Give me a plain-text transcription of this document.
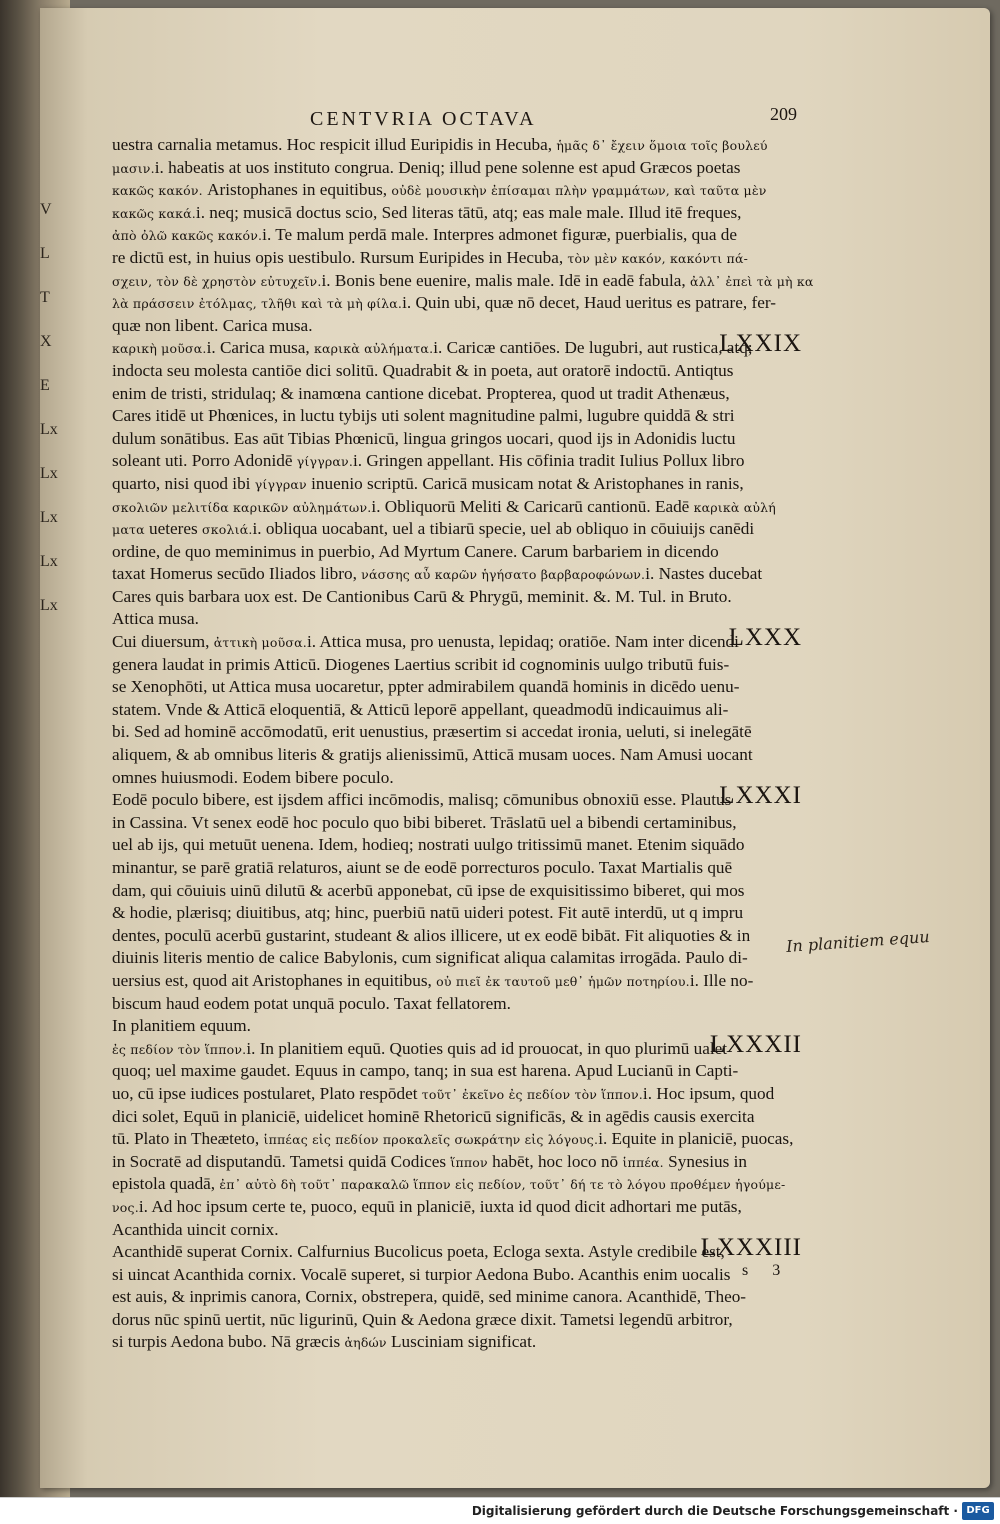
V
L
T
X
E
Lx
Lx
Lx
Lx
Lx
CENTVRIA OCTAVA	209
uestra carnalia metamus. Hoc respicit illud Euripidis in Hecuba, ἡμᾶς δ᾽ ἔχειν ὅμοια τοῖς βουλεύ
μασιν.i. habeatis at uos instituto congrua. Deniq; illud pene solenne est apud Græcos poetas
κακῶς κακόν. Aristophanes in equitibus, οὐδὲ μουσικὴν ἐπίσαμαι πλὴν γραμμάτων, καὶ ταῦτα μὲν
κακῶς κακά.i. neq; musicā doctus scio, Sed literas tātū, atq; eas male male. Illud itē freques,
ἀπὸ ὀλῶ κακῶς κακόν.i. Te malum perdā male. Interpres admonet figuræ, puerbialis, qua de
re dictū est, in huius opis uestibulo. Rursum Euripides in Hecuba, τὸν μὲν κακόν, κακόντι πά-
σχειν, τὸν δὲ χρηστὸν εὐτυχεῖν.i. Bonis bene euenire, malis male. Idē in eadē fabula, ἀλλ᾽ ἐπεὶ τὰ μὴ κα
λὰ πράσσειν ἐτόλμας, τλῆθι καὶ τὰ μὴ φίλα.i. Quin ubi, quæ nō decet, Haud ueritus es patrare, fer-
quæ non libent. Carica musa.
LXXIX
καρικὴ μοῦσα.i. Carica musa, καρικὰ αὐλήματα.i. Caricæ cantiōes. De lugubri, aut rustica, atq;
indocta seu molesta cantiōe dici solitū. Quadrabit & in poeta, aut oratorē indoctū. Antiqtus
enim de tristi, stridulaq; & inamœna cantione dicebat. Propterea, quod ut tradit Athenæus,
Cares itidē ut Phœnices, in luctu tybijs uti solent magnitudine palmi, lugubre quiddā & stri
dulum sonātibus. Eas aūt Tibias Phœnicū, lingua gringos uocari, quod ijs in Adonidis luctu
soleant uti. Porro Adonidē γίγγραν.i. Gringen appellant. His cōfinia tradit Iulius Pollux libro
quarto, nisi quod ibi γίγγραν inuenio scriptū. Caricā musicam notat & Aristophanes in ranis,
σκολιῶν μελιτίδα καρικῶν αὐλημάτων.i. Obliquorū Meliti & Caricarū cantionū. Eadē καρικὰ αὐλή
ματα ueteres σκολιά.i. obliqua uocabant, uel a tibiarū specie, uel ab obliquo in cōuiuijs canēdi
ordine, de quo meminimus in puerbio, Ad Myrtum Canere. Carum barbariem in dicendo
taxat Homerus secūdo Iliados libro, νάσσης αὖ καρῶν ἡγήσατο βαρβαροφώνων.i. Nastes ducebat
Cares quis barbara uox est. De Cantionibus Carū & Phrygū, meminit. &. M. Tul. in Bruto.
Attica musa.
LXXX
Cui diuersum, ἀττικὴ μοῦσα.i. Attica musa, pro uenusta, lepidaq; oratiōe. Nam inter dicendi
genera laudat in primis Atticū. Diogenes Laertius scribit id cognominis uulgo tributū fuis-
se Xenophōti, ut Attica musa uocaretur, ppter admirabilem quandā hominis in dicēdo uenu-
statem. Vnde & Atticā eloquentiā, & Atticū leporē appellant, queadmodū indicauimus ali-
bi. Sed ad hominē accōmodatū, erit uenustius, præsertim si accedat ironia, ueluti, si inelegātē
aliquem, & ab omnibus literis & gratijs alienissimū, Atticā musam uoces. Nam Amusi uocant
omnes huiusmodi. Eodem bibere poculo.
LXXXI
Eodē poculo bibere, est ijsdem affici incōmodis, malisq; cōmunibus obnoxiū esse. Plautus
in Cassina. Vt senex eodē hoc poculo quo bibi biberet. Trāslatū uel a bibendi certaminibus,
uel ab ijs, qui metuūt uenena. Idem, hodieq; nostrati uulgo tritissimū manet. Etenim siquādo
minantur, se parē gratiā relaturos, aiunt se de eodē porrecturos poculo. Taxat Martialis quē
dam, qui cōuiuis uinū dilutū & acerbū apponebat, cū ipse de exquisitissimo biberet, qui mos
& hodie, plærisq; diuitibus, atq; hinc, puerbiū natū uideri potest. Fit autē interdū, ut q impru
dentes, poculū acerbū gustarint, studeant & alios illicere, ut ex eodē bibāt. Fit aliquoties & in
diuinis literis mentio de calice Babylonis, cum significat aliqua calamitas irrogāda. Paulo di-
uersius est, quod ait Aristophanes in equitibus, οὐ πιεῖ ἐκ ταυτοῦ μεθ᾽ ἡμῶν ποτηρίου.i. Ille no-
biscum haud eodem potat unquā poculo. Taxat fellatorem.
In planitiem equum.
LXXXII
ἐς πεδίον τὸν ἵππον.i. In planitiem equū. Quoties quis ad id prouocat, in quo plurimū ualet
quoq; uel maxime gaudet. Equus in campo, tanq; in sua est harena. Apud Lucianū in Capti-
uo, cū ipse iudices postularet, Plato respōdet τοῦτ᾽ ἐκεῖνο ἐς πεδίον τὸν ἵππον.i. Hoc ipsum, quod
dici solet, Equū in planiciē, uidelicet hominē Rhetoricū significās, & in agēdis causis exercita
tū. Plato in Theæteto, ἱππέας εἰς πεδίον προκαλεῖς σωκράτην εἰς λόγους.i. Equite in planiciē, puocas,
in Socratē ad disputandū. Tametsi quidā Codices ἵππον habēt, hoc loco nō ἱππέα. Synesius in
epistola quadā, ἐπ᾽ αὐτὸ δὴ τοῦτ᾽ παρακαλῶ ἵππον εἰς πεδίον, τοῦτ᾽ δή τε τὸ λόγου προθέμεν ἡγούμε-
νος.i. Ad hoc ipsum certe te, puoco, equū in planiciē, iuxta id quod dicit adhortari me putās,
Acanthida uincit cornix.
LXXXIII
Acanthidē superat Cornix. Calfurnius Bucolicus poeta, Ecloga sexta. Astyle credibile est,
si uincat Acanthida cornix. Vocalē superet, si turpior Aedona Bubo. Acanthis enim uocalis
est auis, & inprimis canora, Cornix, obstrepera, quidē, sed minime canora. Acanthidē, Theo-
dorus nūc spinū uertit, nūc ligurinū, Quin & Aedona græce dixit. Tametsi legendū arbitror,
si turpis Aedona bubo. Nā græcis ἀηδών Lusciniam significat.
In planitiem equu
s 3
Digitalisierung gefördert durch die Deutsche Forschungsgemeinschaft · DFG
